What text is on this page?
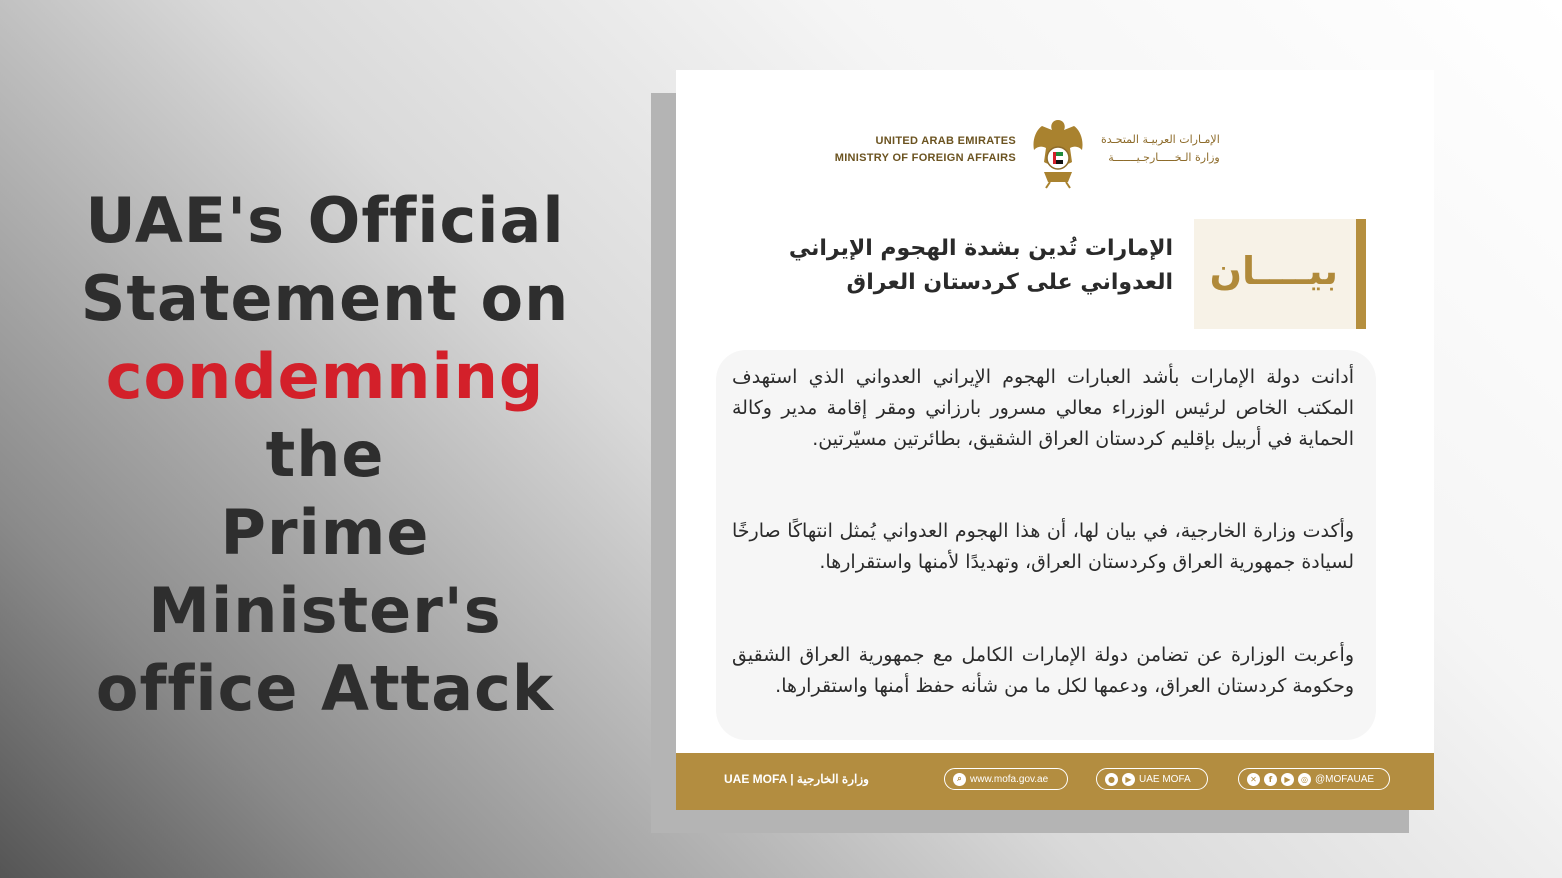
UAE's Official
Statement on
condemning the
Prime Minister's
office Attack
UNITED ARAB EMIRATES
MINISTRY OF FOREIGN AFFAIRS
الإمـارات العربيـة المتحـدة
وزارة الـخـــــارجـيـــــــة
الإمارات تُدين بشدة الهجوم الإيراني العدواني على كردستان العراق بيــــان
أدانت دولة الإمارات بأشد العبارات الهجوم الإيراني العدواني الذي استهدف المكتب الخاص لرئيس الوزراء معالي مسرور بارزاني ومقر إقامة مدير وكالة الحماية في أربيل بإقليم كردستان العراق الشقيق، بطائرتين مسيّرتين.
وأكدت وزارة الخارجية، في بيان لها، أن هذا الهجوم العدواني يُمثل انتهاكًا صارخًا لسيادة جمهورية العراق وكردستان العراق، وتهديدًا لأمنها واستقرارها.
وأعربت الوزارة عن تضامن دولة الإمارات الكامل مع جمهورية العراق الشقيق وحكومة كردستان العراق، ودعمها لكل ما من شأنه حفظ أمنها واستقرارها.
UAE MOFA | وزارة الخارجية	⌕ www.mofa.gov.ae	●	▶ UAE MOFA	✕	f	▶	◎ @MOFAUAE
